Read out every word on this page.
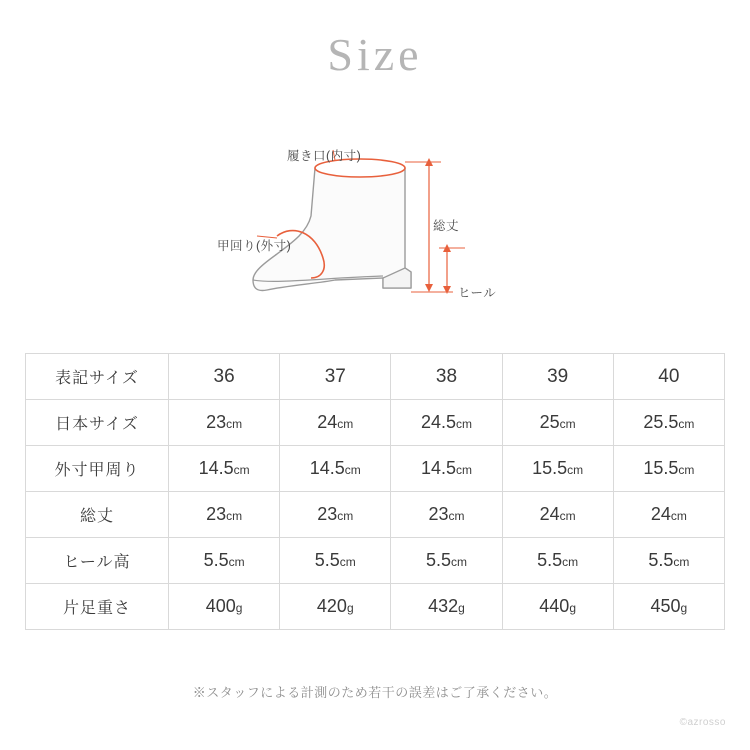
Size
履き口(内寸)
甲回り(外寸)
総丈
ヒール
表記サイズ	36	37	38	39	40
日本サイズ	23cm	24cm	24.5cm	25cm	25.5cm
外寸甲周り	14.5cm	14.5cm	14.5cm	15.5cm	15.5cm
総丈	23cm	23cm	23cm	24cm	24cm
ヒール高	5.5cm	5.5cm	5.5cm	5.5cm	5.5cm
片足重さ	400g	420g	432g	440g	450g
※スタッフによる計測のため若干の誤差はご了承ください。
©azrosso
